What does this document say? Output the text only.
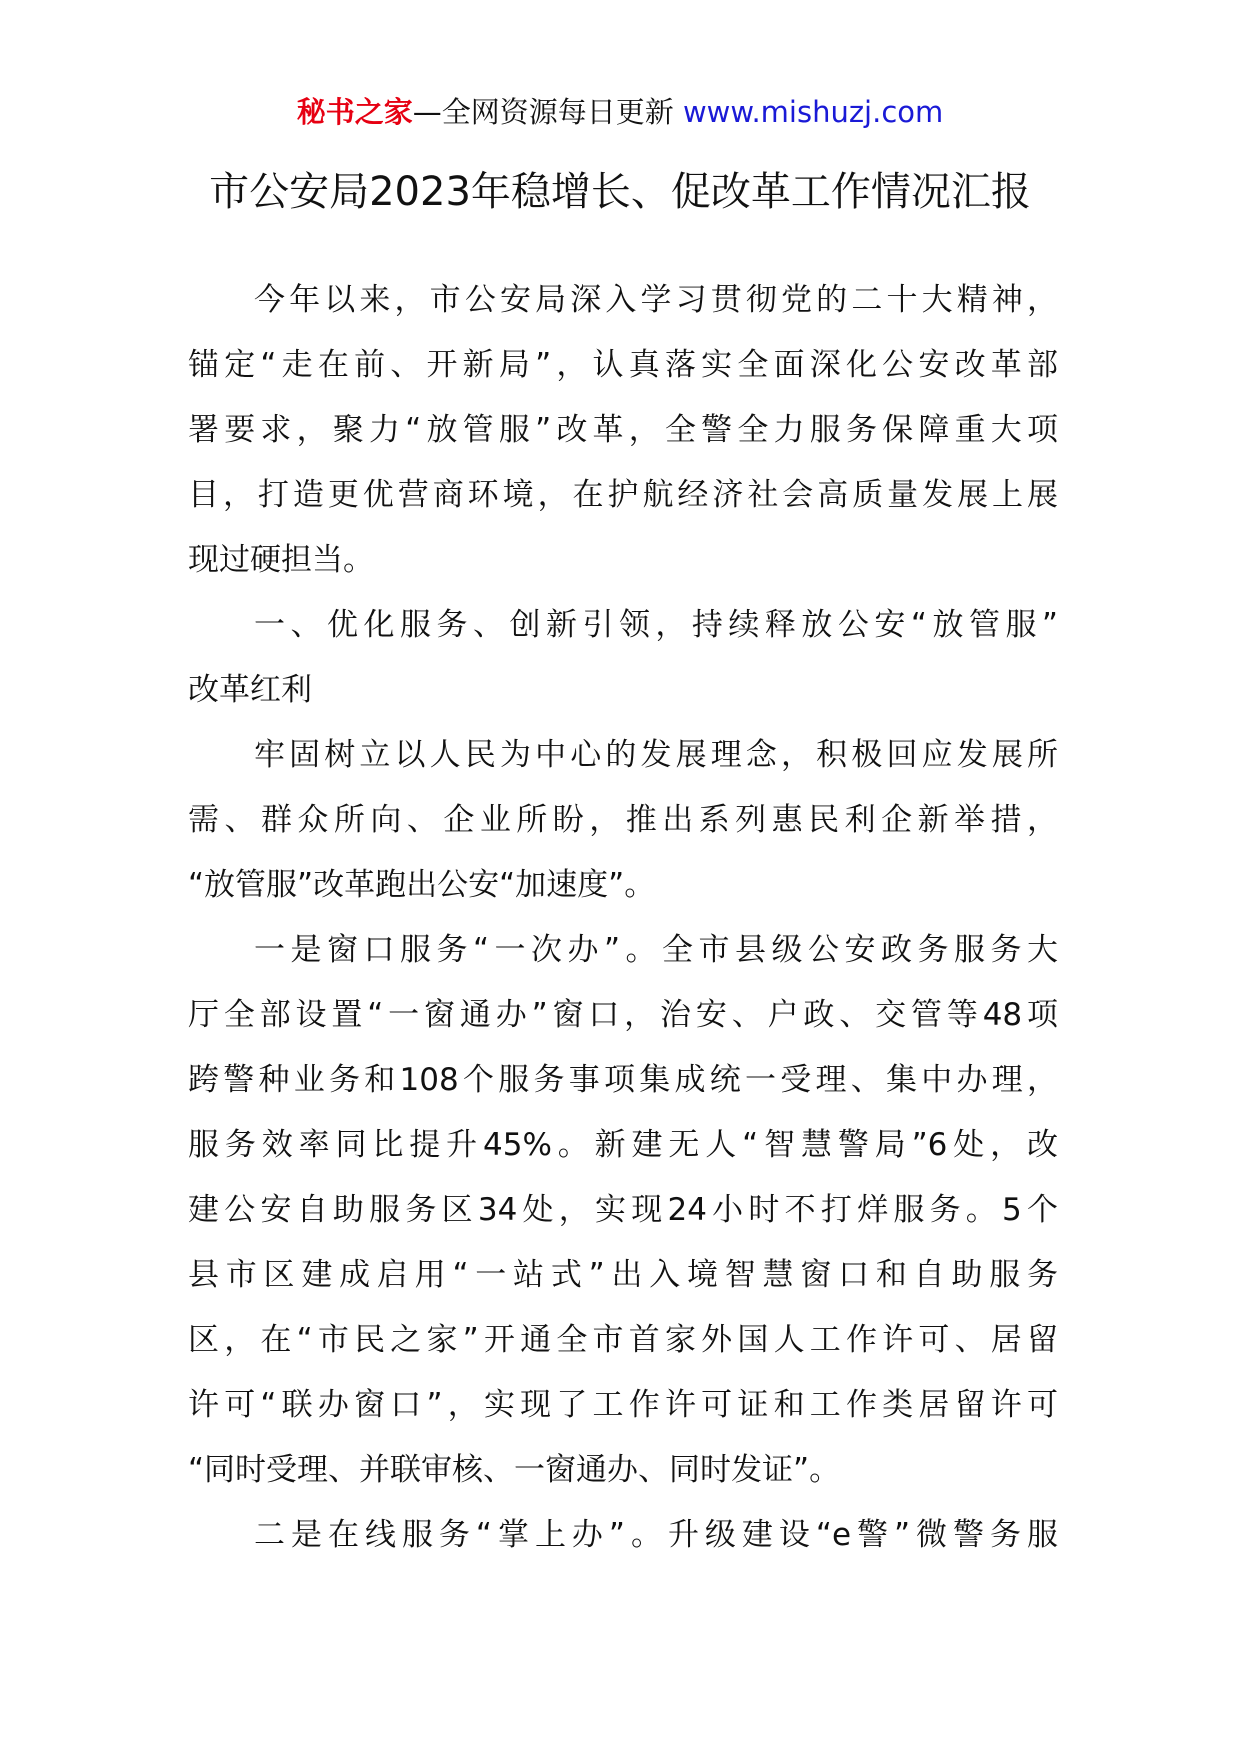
秘书之家—全网资源每日更新 www.mishuzj.com
市公安局2023年稳增长、促改革工作情况汇报
今年以来，市公安局深入学习贯彻党的二十大精神，
锚定“走在前、开新局”，认真落实全面深化公安改革部
署要求，聚力“放管服”改革，全警全力服务保障重大项
目，打造更优营商环境，在护航经济社会高质量发展上展
现过硬担当。
一、优化服务、创新引领，持续释放公安“放管服”
改革红利
牢固树立以人民为中心的发展理念，积极回应发展所
需、群众所向、企业所盼，推出系列惠民利企新举措，
“放管服”改革跑出公安“加速度”。
一是窗口服务“一次办”。全市县级公安政务服务大
厅全部设置“一窗通办”窗口，治安、户政、交管等48项
跨警种业务和108个服务事项集成统一受理、集中办理，
服务效率同比提升45%。新建无人“智慧警局”6处，改
建公安自助服务区34处，实现24小时不打烊服务。5个
县市区建成启用“一站式”出入境智慧窗口和自助服务
区，在“市民之家”开通全市首家外国人工作许可、居留
许可“联办窗口”，实现了工作许可证和工作类居留许可
“同时受理、并联审核、一窗通办、同时发证”。
二是在线服务“掌上办”。升级建设“e警”微警务服
